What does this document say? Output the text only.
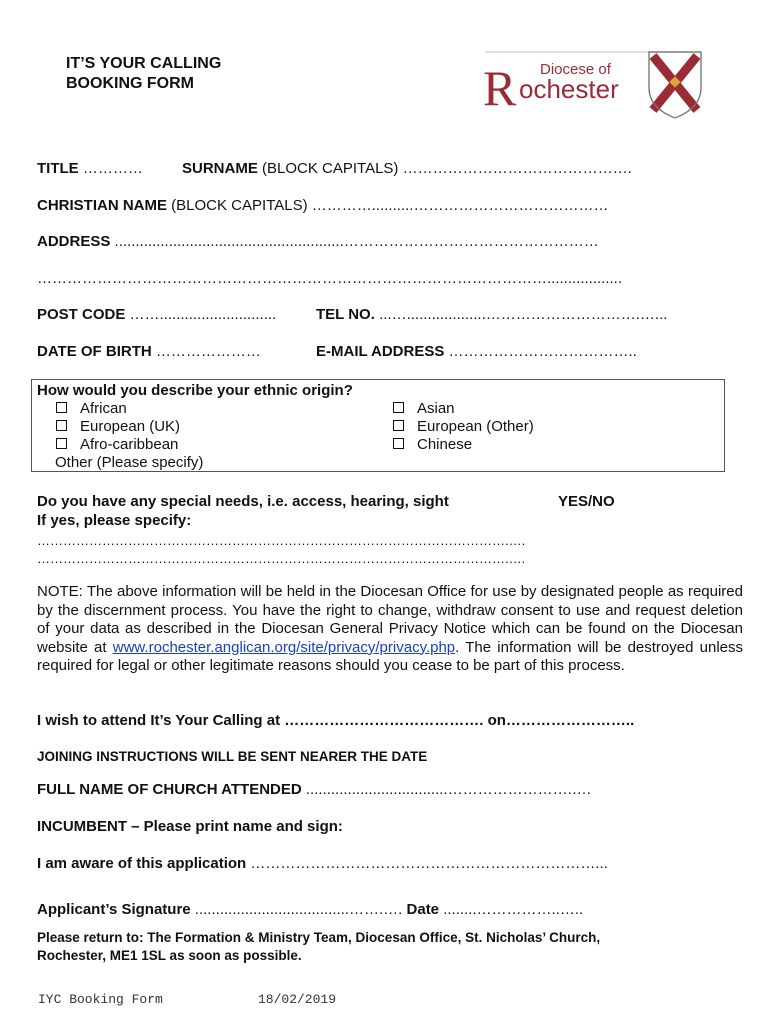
IT’S YOUR CALLING
BOOKING FORM
Diocese of
R ochester
TITLE …………	SURNAME (BLOCK CAPITALS) ……………………………………….
CHRISTIAN NAME (BLOCK CAPITALS) …………..........…………………………………
ADDRESS .......................................................……………………………………………
…………………………………………………………………………………………..................
POST CODE ……............................	TEL NO. ...…...................………………………….…...
DATE OF BIRTH …………………	E-MAIL ADDRESS ………………………………..
How would you describe your ethnic origin?
African
European (UK)
Afro-caribbean
Other (Please specify)
Asian
European (Other)
Chinese
Do you have any special needs, i.e. access, hearing, sight	YES/NO
If yes, please specify:
……………………………………………………………………………………………….….
……………………………………………………………………………………………….….
NOTE: The above information will be held in the Diocesan Office for use by designated people as required by the discernment process. You have the right to change, withdraw consent to use and request deletion of your data as described in the Diocesan General Privacy Notice which can be found on the Diocesan website at www.rochester.anglican.org/site/privacy/privacy.php. The information will be destroyed unless required for legal or other legitimate reasons should you cease to be part of this process.
I wish to attend It’s Your Calling at …………………………………. on……………………..
JOINING INSTRUCTIONS WILL BE SENT NEARER THE DATE
FULL NAME OF CHURCH ATTENDED ..................................…………………….….
INCUMBENT – Please print name and sign:
I am aware of this application ……………………………………………………………...
Applicant’s Signature .....................................…….…. Date ........……………..…..
Please return to: The Formation & Ministry Team, Diocesan Office, St. Nicholas’ Church,
Rochester, ME1 1SL as soon as possible.
IYC Booking Form	18/02/2019
